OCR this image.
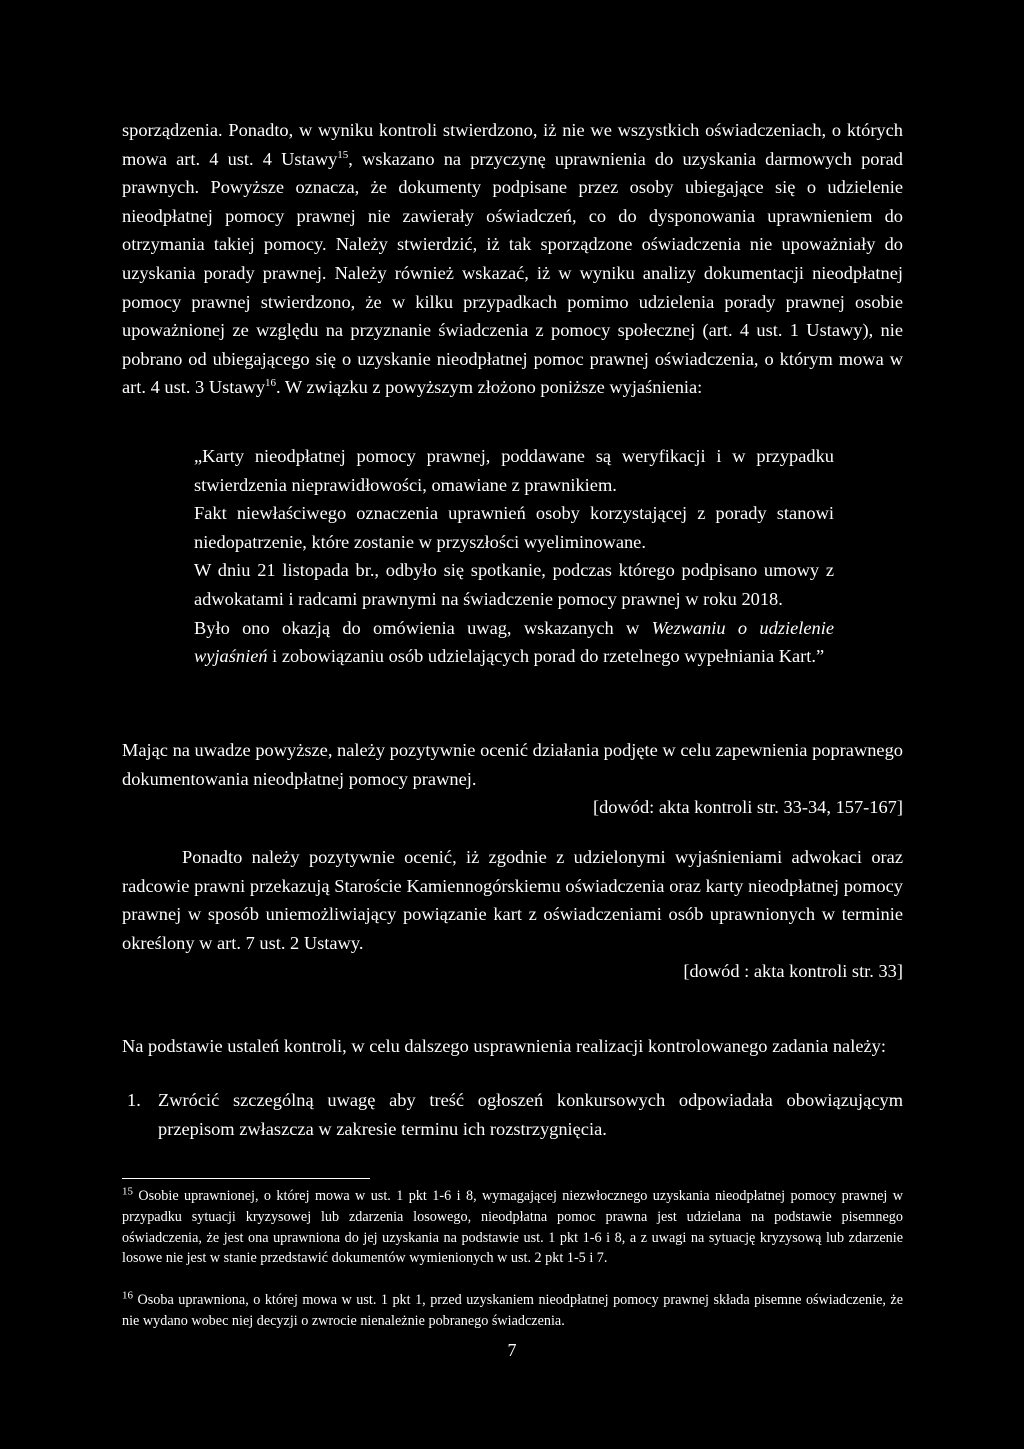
sporządzenia. Ponadto, w wyniku kontroli stwierdzono, iż nie we wszystkich oświadczeniach, o których mowa art. 4 ust. 4 Ustawy$^{15}$, wskazano na przyczynę uprawnienia do uzyskania darmowych porad prawnych. Powyższe oznacza, że dokumenty podpisane przez osoby ubiegające się o udzielenie nieodpłatnej pomocy prawnej nie zawierały oświadczeń, co do dysponowania uprawnieniem do otrzymania takiej pomocy. Należy stwierdzić, iż tak sporządzone oświadczenia nie upoważniały do uzyskania porady prawnej. Należy również wskazać, iż w wyniku analizy dokumentacji nieodpłatnej pomocy prawnej stwierdzono, że w kilku przypadkach pomimo udzielenia porady prawnej osobie upoważnionej ze względu na przyznanie świadczenia z pomocy społecznej (art. 4 ust. 1 Ustawy), nie pobrano od ubiegającego się o uzyskanie nieodpłatnej pomoc prawnej oświadczenia, o którym mowa w art. 4 ust. 3 Ustawy$^{16}$. W związku z powyższym złożono poniższe wyjaśnienia:

„Karty nieodpłatnej pomocy prawnej, poddawane są weryfikacji i w przypadku stwierdzenia nieprawidłowości, omawiane z prawnikiem.

Fakt niewłaściwego oznaczenia uprawnień osoby korzystającej z porady stanowi niedopatrzenie, które zostanie w przyszłości wyeliminowane.

W dniu 21 listopada br., odbyło się spotkanie, podczas którego podpisano umowy z adwokatami i radcami prawnymi na świadczenie pomocy prawnej w roku 2018.

Było ono okazją do omówienia uwag, wskazanych w Wezwaniu o udzielenie wyjaśnień i zobowiązaniu osób udzielających porad do rzetelnego wypełniania Kart.”

Mając na uwadze powyższe, należy pozytywnie ocenić działania podjęte w celu zapewnienia poprawnego dokumentowania nieodpłatnej pomocy prawnej.
[dowód: akta kontroli str. 33-34, 157-167]
Ponadto należy pozytywnie ocenić, iż zgodnie z udzielonymi wyjaśnieniami adwokaci oraz radcowie prawni przekazują Staroście Kamiennogórskiemu oświadczenia oraz karty nieodpłatnej pomocy prawnej w sposób uniemożliwiający powiązanie kart z oświadczeniami osób uprawnionych w terminie określony w art. 7 ust. 2 Ustawy.
[dowód : akta kontroli str. 33]

Na podstawie ustaleń kontroli, w celu dalszego usprawnienia realizacji kontrolowanego zadania należy:

1. Zwrócić szczególną uwagę aby treść ogłoszeń konkursowych odpowiadała obowiązującym przepisom zwłaszcza w zakresie terminu ich rozstrzygnięcia.

$^{15}$ Osobie uprawnionej, o której mowa w ust. 1 pkt 1-6 i 8, wymagającej niezwłocznego uzyskania nieodpłatnej pomocy prawnej w przypadku sytuacji kryzysowej lub zdarzenia losowego, nieodpłatna pomoc prawna jest udzielana na podstawie pisemnego oświadczenia, że jest ona uprawniona do jej uzyskania na podstawie ust. 1 pkt 1-6 i 8, a z uwagi na sytuację kryzysową lub zdarzenie losowe nie jest w stanie przedstawić dokumentów wymienionych w ust. 2 pkt 1-5 i 7.

$^{16}$ Osoba uprawniona, o której mowa w ust. 1 pkt 1, przed uzyskaniem nieodpłatnej pomocy prawnej składa pisemne oświadczenie, że nie wydano wobec niej decyzji o zwrocie nienależnie pobranego świadczenia.

7
